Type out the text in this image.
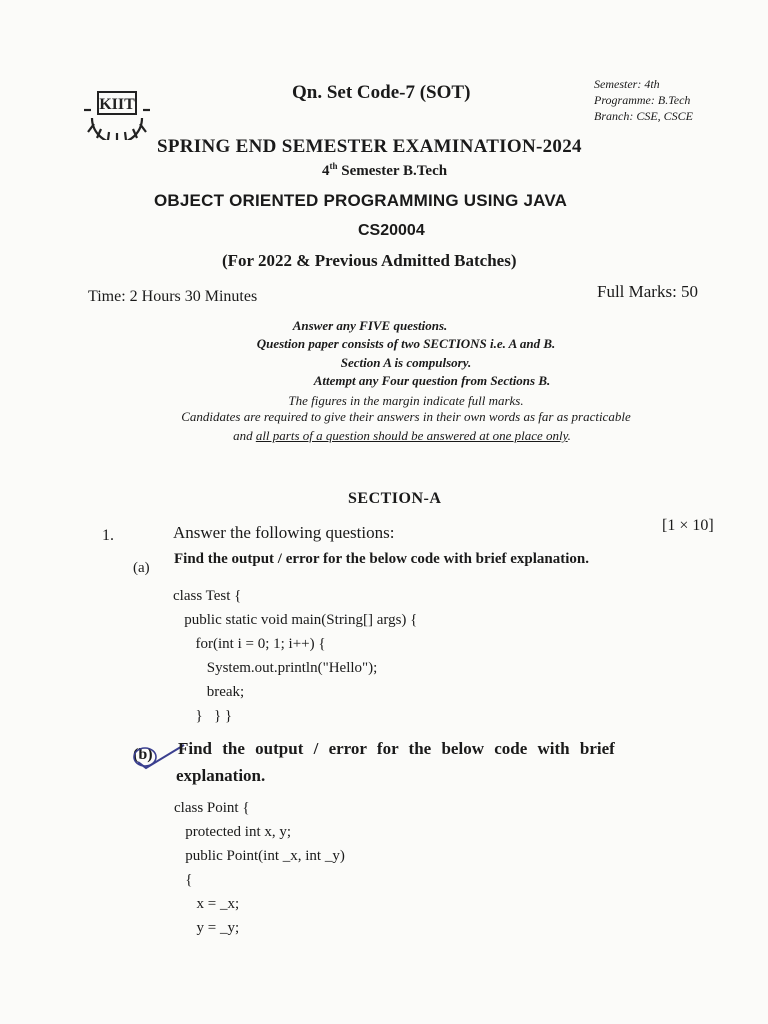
KIIT
Qn. Set Code-7 (SOT)	Semester: 4th
Programme: B.Tech
Branch: CSE, CSCE
SPRING END SEMESTER EXAMINATION-2024
4th Semester B.Tech
OBJECT ORIENTED PROGRAMMING USING JAVA
CS20004
(For 2022 & Previous Admitted Batches)
Time: 2 Hours 30 Minutes	Full Marks: 50
Answer any FIVE questions.
Question paper consists of two SECTIONS i.e. A and B.
Section A is compulsory.
Attempt any Four question from Sections B.
The figures in the margin indicate full marks.
Candidates are required to give their answers in their own words as far as practicable
and all parts of a question should be answered at one place only.
SECTION-A
1.	Answer the following questions:	[1 × 10]
(a)
Find the output / error for the below code with brief explanation.
class Test {
public static void main(String[] args) {
for(int i = 0; 1; i++) {
System.out.println("Hello");
break;
}   } }
(b) Find the output / error for the below code with brief
explanation.
class Point {
protected int x, y;
public Point(int _x, int _y)
{
x = _x;
y = _y;
